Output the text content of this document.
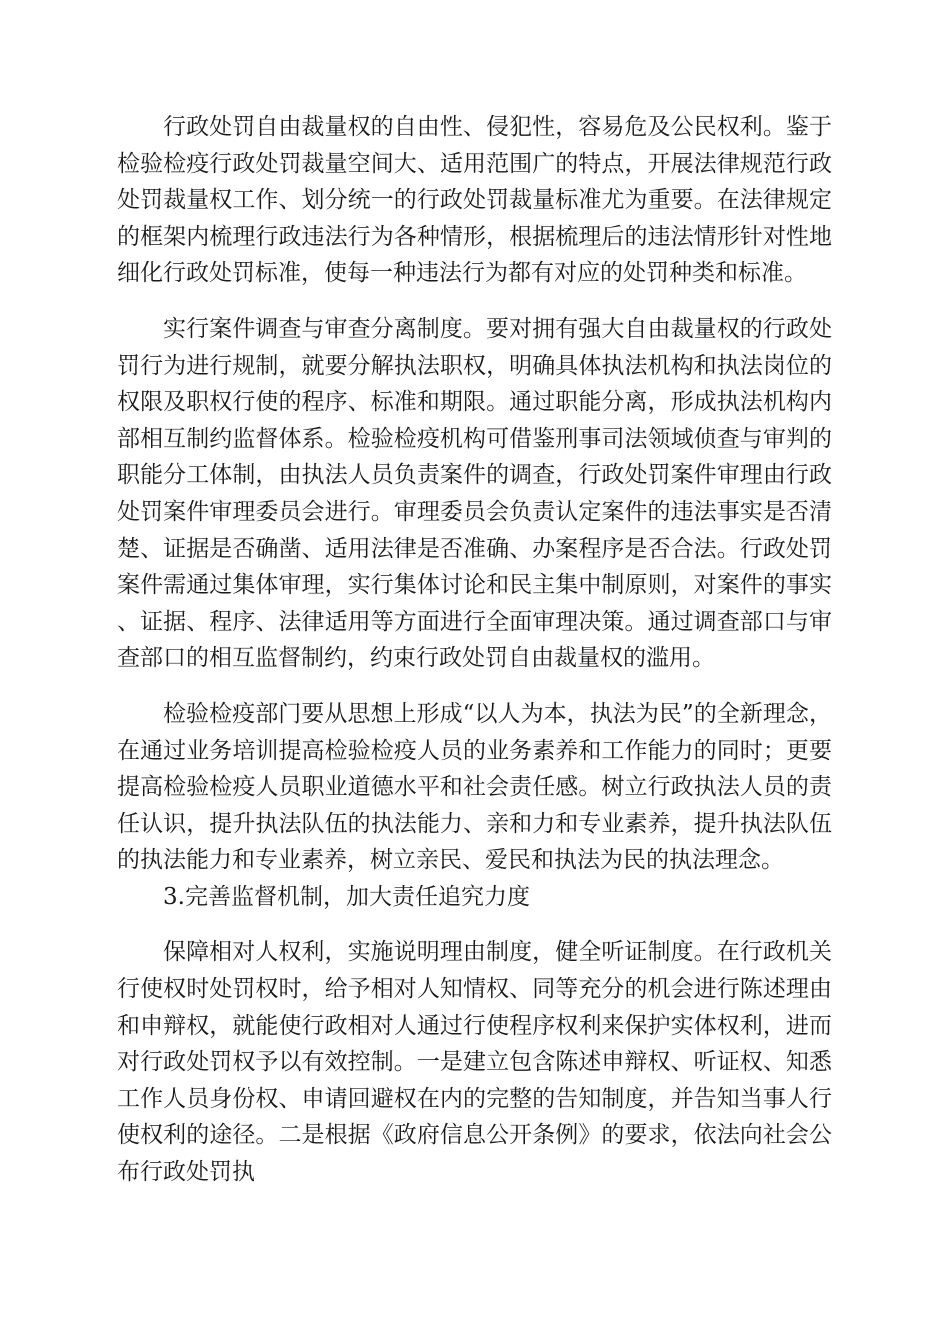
行政处罚自由裁量权的自由性、侵犯性，容易危及公民权利。鉴于检验检疫行政处罚裁量空间大、适用范围广的特点，开展法律规范行政处罚裁量权工作、划分统一的行政处罚裁量标准尤为重要。在法律规定的框架内梳理行政违法行为各种情形，根据梳理后的违法情形针对性地细化行政处罚标准，使每一种违法行为都有对应的处罚种类和标准。

实行案件调查与审查分离制度。要对拥有强大自由裁量权的行政处罚行为进行规制，就要分解执法职权，明确具体执法机构和执法岗位的权限及职权行使的程序、标准和期限。通过职能分离，形成执法机构内部相互制约监督体系。检验检疫机构可借鉴刑事司法领域侦查与审判的职能分工体制，由执法人员负责案件的调查，行政处罚案件审理由行政处罚案件审理委员会进行。审理委员会负责认定案件的违法事实是否清楚、证据是否确凿、适用法律是否准确、办案程序是否合法。行政处罚案件需通过集体审理，实行集体讨论和民主集中制原则，对案件的事实、证据、程序、法律适用等方面进行全面审理决策。通过调查部口与审查部口的相互监督制约，约束行政处罚自由裁量权的滥用。

检验检疫部门要从思想上形成“以人为本，执法为民”的全新理念，在通过业务培训提高检验检疫人员的业务素养和工作能力的同时；更要提高检验检疫人员职业道德水平和社会责任感。树立行政执法人员的责任认识，提升执法队伍的执法能力、亲和力和专业素养，提升执法队伍的执法能力和专业素养，树立亲民、爱民和执法为民的执法理念。

3.完善监督机制，加大责任追究力度

保障相对人权利，实施说明理由制度，健全听证制度。在行政机关行使权时处罚权时，给予相对人知情权、同等充分的机会进行陈述理由和申辩权，就能使行政相对人通过行使程序权利来保护实体权利，进而对行政处罚权予以有效控制。一是建立包含陈述申辩权、听证权、知悉工作人员身份权、申请回避权在内的完整的告知制度，并告知当事人行使权利的途径。二是根据《政府信息公开条例》的要求，依法向社会公布行政处罚执
